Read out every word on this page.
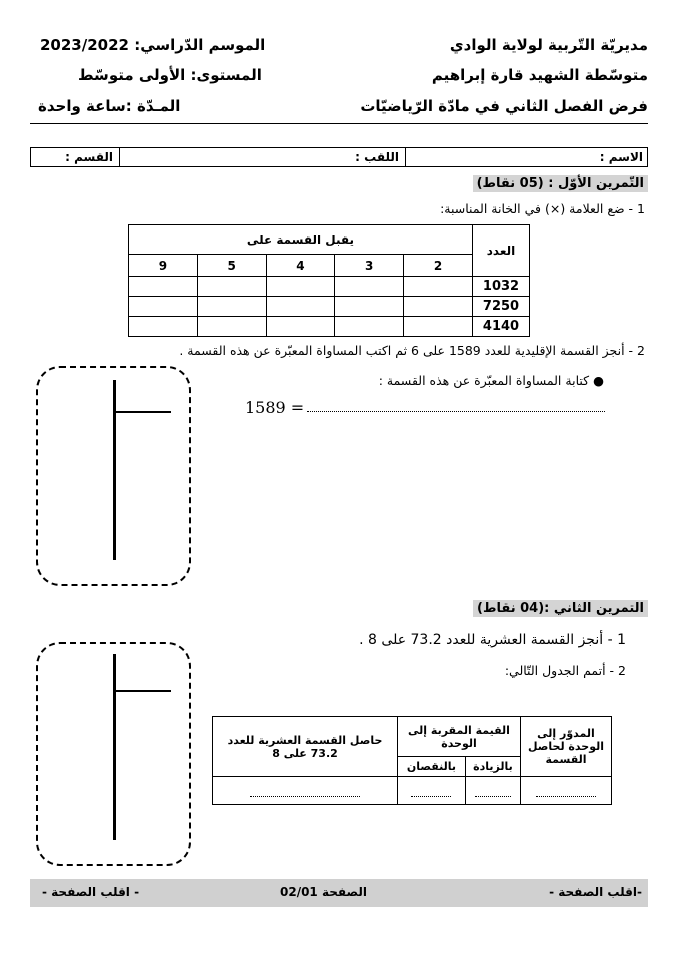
مديريّة التّربية لولاية الوادي
متوسّطة الشهيد قارة إبراهيم
فرض الفصل الثاني في مادّة الرّياضيّات
الموسم الدّراسي: 2023/2022
المستوى: الأولى متوسّط
المـدّة :ساعة واحدة
الاسم :
اللقب :
القسم :
التّمرين الأوّل : (05 نقاط)
1 - ضع العلامة (×) في الخانة المناسبة:
يقبل القسمة على					العدد
9	5	4	3	2	
					1032
					7250
					4140
2 - أنجز القسمة الإقليدية للعدد 1589 على 6 ثم اكتب المساواة المعبّرة عن هذه القسمة .
● كتابة المساواة المعبّرة عن هذه القسمة :
1589 =
التمرين الثاني :(04 نقاط)
1 - أنجز القسمة العشرية للعدد 73.2 على 8 .
2 - أتمم الجدول التّالي:
حاصل القسمة العشرية للعدد 73.2 على 8	القيمة المقربة إلى الوحدة		المدوّر إلى الوحدة لحاصل القسمة
	بالنقصان	بالزيادة	

-اقلب الصفحة -
الصفحة 02/01
- اقلب الصفحة -
